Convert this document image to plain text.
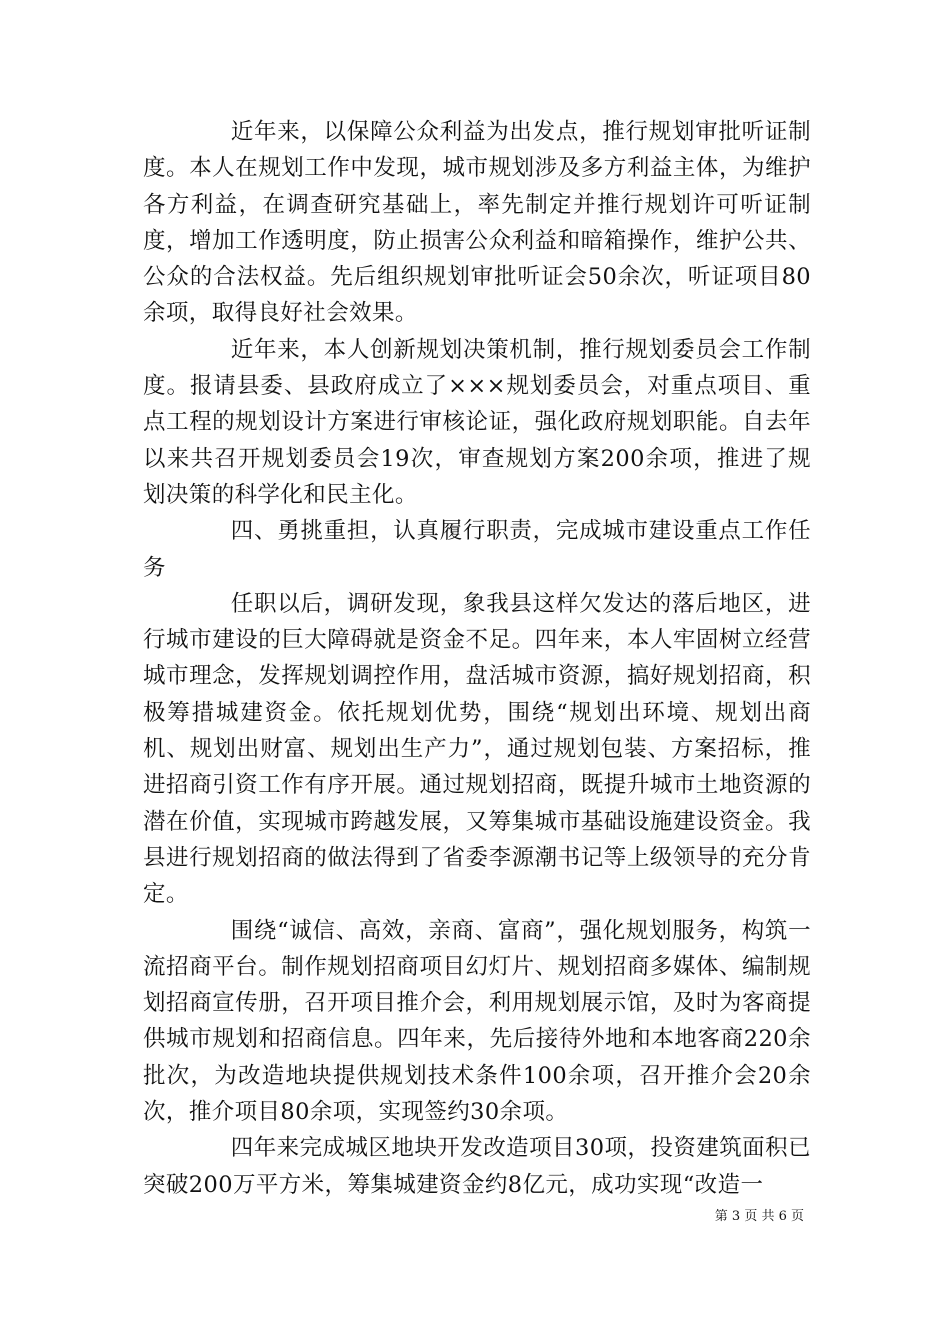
近年来，以保障公众利益为出发点，推行规划审批听证制度。本人在规划工作中发现，城市规划涉及多方利益主体，为维护各方利益，在调查研究基础上，率先制定并推行规划许可听证制度，增加工作透明度，防止损害公众利益和暗箱操作，维护公共、公众的合法权益。先后组织规划审批听证会50余次，听证项目80余项，取得良好社会效果。

近年来，本人创新规划决策机制，推行规划委员会工作制度。报请县委、县政府成立了×××规划委员会，对重点项目、重点工程的规划设计方案进行审核论证，强化政府规划职能。自去年以来共召开规划委员会19次，审查规划方案200余项，推进了规划决策的科学化和民主化。

四、勇挑重担，认真履行职责，完成城市建设重点工作任务

任职以后，调研发现，象我县这样欠发达的落后地区，进行城市建设的巨大障碍就是资金不足。四年来，本人牢固树立经营城市理念，发挥规划调控作用，盘活城市资源，搞好规划招商，积极筹措城建资金。依托规划优势，围绕“规划出环境、规划出商机、规划出财富、规划出生产力”，通过规划包装、方案招标，推进招商引资工作有序开展。通过规划招商，既提升城市土地资源的潜在价值，实现城市跨越发展，又筹集城市基础设施建设资金。我县进行规划招商的做法得到了省委李源潮书记等上级领导的充分肯定。

围绕“诚信、高效，亲商、富商”，强化规划服务，构筑一流招商平台。制作规划招商项目幻灯片、规划招商多媒体、编制规划招商宣传册，召开项目推介会，利用规划展示馆，及时为客商提供城市规划和招商信息。四年来，先后接待外地和本地客商220余批次，为改造地块提供规划技术条件100余项，召开推介会20余次，推介项目80余项，实现签约30余项。

四年来完成城区地块开发改造项目30项，投资建筑面积已突破200万平方米，筹集城建资金约8亿元，成功实现“改造一

第 3 页 共 6 页
